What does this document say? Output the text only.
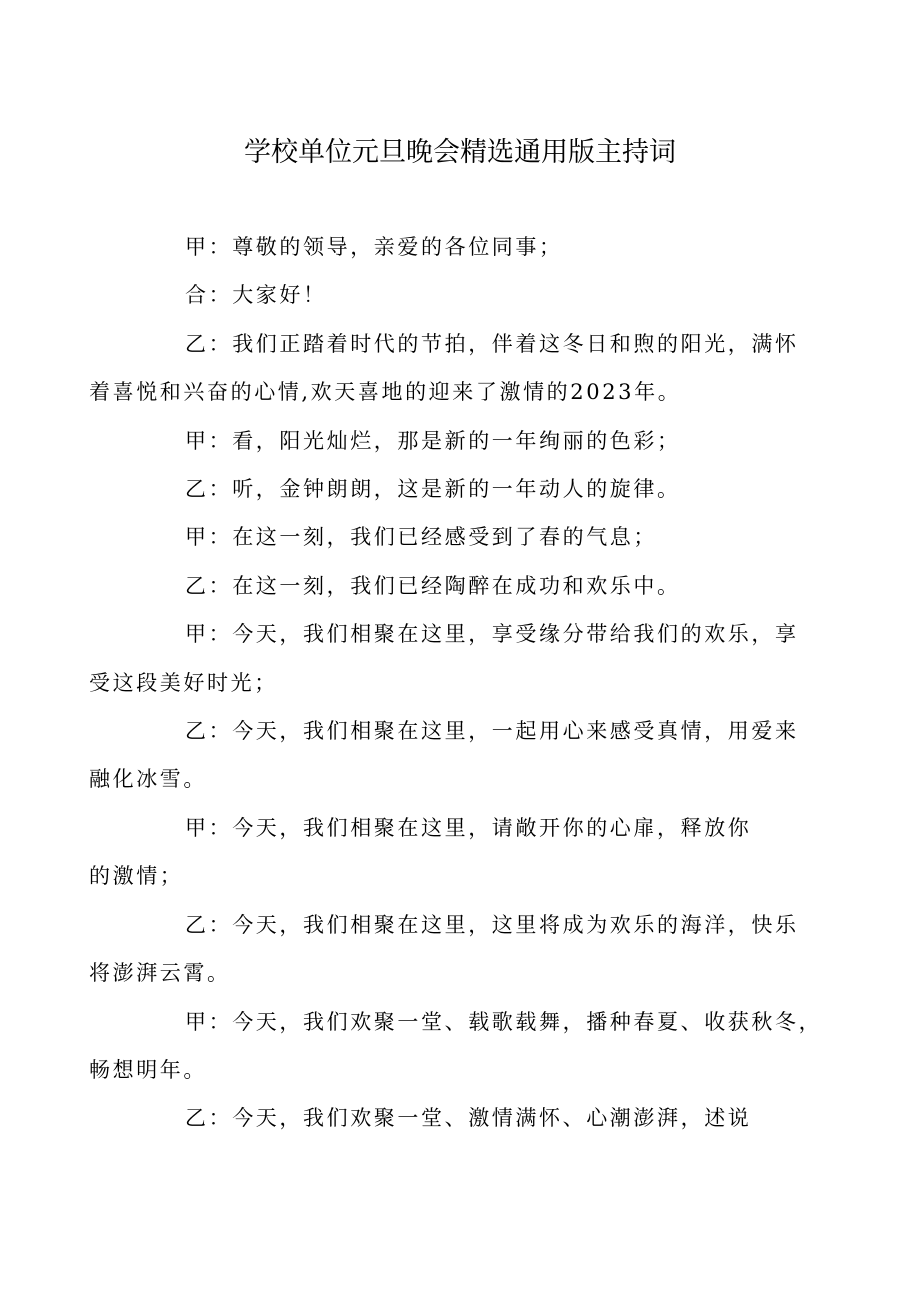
学校单位元旦晚会精选通用版主持词

甲：尊敬的领导，亲爱的各位同事；

合：大家好！

乙：我们正踏着时代的节拍，伴着这冬日和煦的阳光，满怀
着喜悦和兴奋的心情,欢天喜地的迎来了激情的2023年。

甲：看，阳光灿烂，那是新的一年绚丽的色彩；

乙：听，金钟朗朗，这是新的一年动人的旋律。

甲：在这一刻，我们已经感受到了春的气息；

乙：在这一刻，我们已经陶醉在成功和欢乐中。

甲：今天，我们相聚在这里，享受缘分带给我们的欢乐，享
受这段美好时光；

乙：今天，我们相聚在这里，一起用心来感受真情，用爱来
融化冰雪。

甲：今天，我们相聚在这里，请敞开你的心扉，释放你
的激情；

乙：今天，我们相聚在这里，这里将成为欢乐的海洋，快乐
将澎湃云霄。

甲：今天，我们欢聚一堂、载歌载舞，播种春夏、收获秋冬，
畅想明年。

乙：今天，我们欢聚一堂、激情满怀、心潮澎湃，述说
